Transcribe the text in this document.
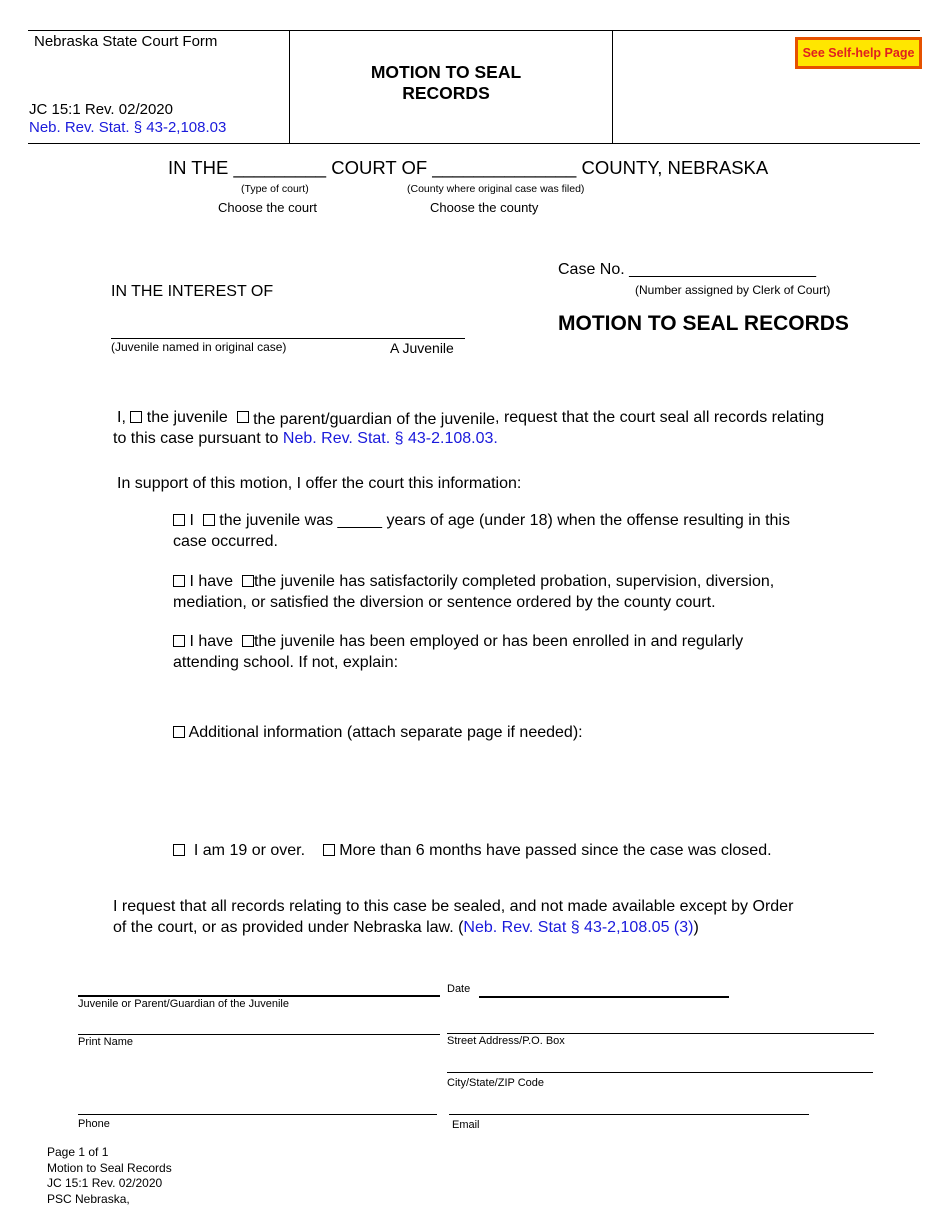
Nebraska State Court Form
JC 15:1 Rev. 02/2020
Neb. Rev. Stat. § 43-2,108.03
MOTION TO SEAL
RECORDS
See Self-help Page
IN THE _________ COURT OF ______________ COUNTY, NEBRASKA
(Type of court)	(County where original case was filed)
Choose the court	Choose the county
Case No. _____________________
(Number assigned by Clerk of Court)
IN THE INTEREST OF
(Juvenile named in original case)	A Juvenile
MOTION TO SEAL RECORDS
I, the juvenile the parent/guardian of the juvenile, request that the court seal all records relating
to this case pursuant to Neb. Rev. Stat. § 43-2.108.03.
In support of this motion, I offer the court this information:
I the juvenile was _____ years of age (under 18) when the offense resulting in this
case occurred.
I have the juvenile has satisfactorily completed probation, supervision, diversion,
mediation, or satisfied the diversion or sentence ordered by the county court.
I have the juvenile has been employed or has been enrolled in and regularly
attending school. If not, explain:
Additional information (attach separate page if needed):
I am 19 or over. More than 6 months have passed since the case was closed.
I request that all records relating to this case be sealed, and not made available except by Order
of the court, or as provided under Nebraska law. (Neb. Rev. Stat § 43-2,108.05 (3))
Juvenile or Parent/Guardian of the Juvenile
Date
Print Name	Street Address/P.O. Box
City/State/ZIP Code
Phone	Email
Page 1 of 1
Motion to Seal Records
JC 15:1 Rev. 02/2020
PSC Nebraska,
